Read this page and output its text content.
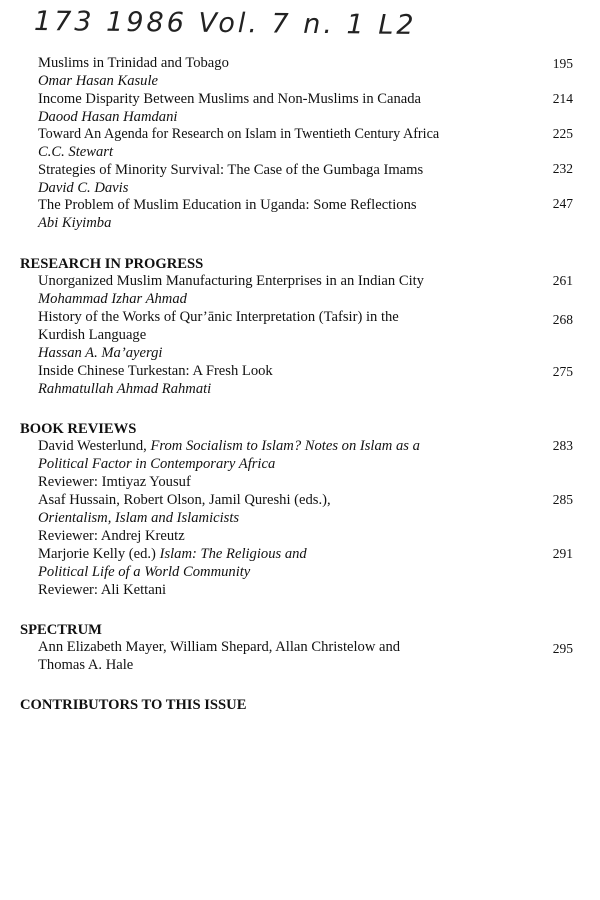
173 1986 Vol. 7 n. 1 L2
Muslims in Trinidad and Tobago
Omar Hasan Kasule
195
Income Disparity Between Muslims and Non-Muslims in Canada
Daood Hasan Hamdani
214
Toward An Agenda for Research on Islam in Twentieth Century Africa
C.C. Stewart
225
Strategies of Minority Survival: The Case of the Gumbaga Imams
David C. Davis
232
The Problem of Muslim Education in Uganda: Some Reflections
Abi Kiyimba
247
RESEARCH IN PROGRESS
Unorganized Muslim Manufacturing Enterprises in an Indian City
Mohammad Izhar Ahmad
261
History of the Works of Qur’ānic Interpretation (Tafsir) in the
Kurdish Language
Hassan A. Ma’ayergi
268
Inside Chinese Turkestan: A Fresh Look
Rahmatullah Ahmad Rahmati
275
BOOK REVIEWS
David Westerlund, From Socialism to Islam? Notes on Islam as a
Political Factor in Contemporary Africa
Reviewer: Imtiyaz Yousuf
283
Asaf Hussain, Robert Olson, Jamil Qureshi (eds.),
Orientalism, Islam and Islamicists
Reviewer: Andrej Kreutz
285
Marjorie Kelly (ed.) Islam: The Religious and
Political Life of a World Community
Reviewer: Ali Kettani
291
SPECTRUM
Ann Elizabeth Mayer, William Shepard, Allan Christelow and
Thomas A. Hale
295
CONTRIBUTORS TO THIS ISSUE
